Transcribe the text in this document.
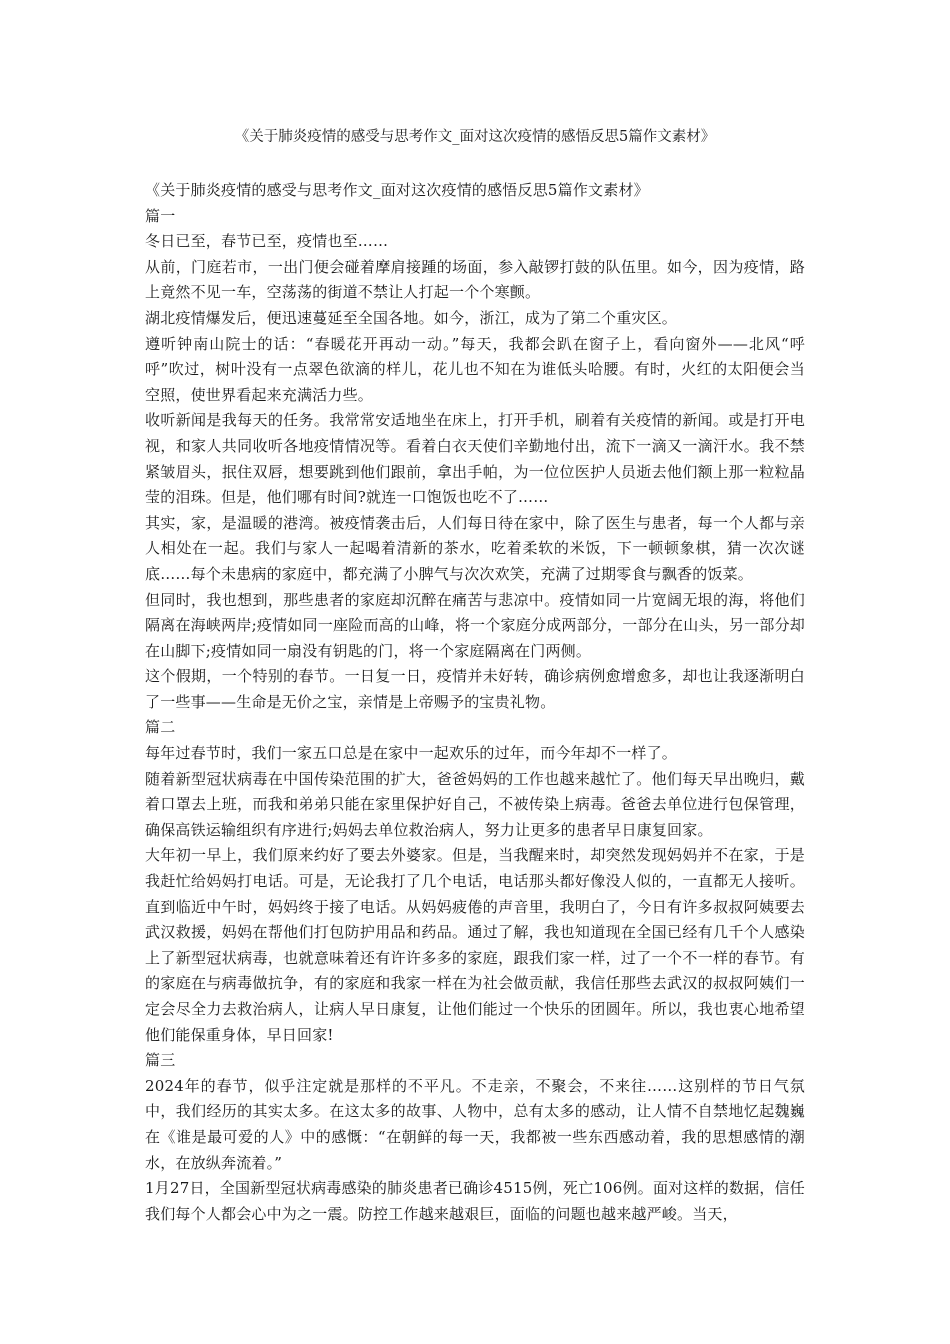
《关于肺炎疫情的感受与思考作文_面对这次疫情的感悟反思5篇作文素材》

《关于肺炎疫情的感受与思考作文_面对这次疫情的感悟反思5篇作文素材》

篇一

冬日已至，春节已至，疫情也至……

从前，门庭若市，一出门便会碰着摩肩接踵的场面，参入敲锣打鼓的队伍里。如今，因为疫情，路上竟然不见一车，空荡荡的街道不禁让人打起一个个寒颤。

湖北疫情爆发后，便迅速蔓延至全国各地。如今，浙江，成为了第二个重灾区。

遵听钟南山院士的话：“春暖花开再动一动。”每天，我都会趴在窗子上，看向窗外——北风“呼呼”吹过，树叶没有一点翠色欲滴的样儿，花儿也不知在为谁低头哈腰。有时，火红的太阳便会当空照，使世界看起来充满活力些。

收听新闻是我每天的任务。我常常安适地坐在床上，打开手机，刷着有关疫情的新闻。或是打开电视，和家人共同收听各地疫情情况等。看着白衣天使们辛勤地付出，流下一滴又一滴汗水。我不禁紧皱眉头，抿住双唇，想要跳到他们跟前，拿出手帕，为一位位医护人员逝去他们额上那一粒粒晶莹的泪珠。但是，他们哪有时间?就连一口饱饭也吃不了……

其实，家，是温暖的港湾。被疫情袭击后，人们每日待在家中，除了医生与患者，每一个人都与亲人相处在一起。我们与家人一起喝着清新的茶水，吃着柔软的米饭，下一顿顿象棋，猜一次次谜底……每个未患病的家庭中，都充满了小脾气与次次欢笑，充满了过期零食与飘香的饭菜。

但同时，我也想到，那些患者的家庭却沉醉在痛苦与悲凉中。疫情如同一片宽阔无垠的海，将他们隔离在海峡两岸;疫情如同一座险而高的山峰，将一个家庭分成两部分，一部分在山头，另一部分却在山脚下;疫情如同一扇没有钥匙的门，将一个家庭隔离在门两侧。

这个假期，一个特别的春节。一日复一日，疫情并未好转，确诊病例愈增愈多，却也让我逐渐明白了一些事——生命是无价之宝，亲情是上帝赐予的宝贵礼物。

篇二

每年过春节时，我们一家五口总是在家中一起欢乐的过年，而今年却不一样了。

随着新型冠状病毒在中国传染范围的扩大，爸爸妈妈的工作也越来越忙了。他们每天早出晚归，戴着口罩去上班，而我和弟弟只能在家里保护好自己，不被传染上病毒。爸爸去单位进行包保管理，确保高铁运输组织有序进行;妈妈去单位救治病人，努力让更多的患者早日康复回家。

大年初一早上，我们原来约好了要去外婆家。但是，当我醒来时，却突然发现妈妈并不在家，于是我赶忙给妈妈打电话。可是，无论我打了几个电话，电话那头都好像没人似的，一直都无人接听。直到临近中午时，妈妈终于接了电话。从妈妈疲倦的声音里，我明白了，今日有许多叔叔阿姨要去武汉救援，妈妈在帮他们打包防护用品和药品。通过了解，我也知道现在全国已经有几千个人感染上了新型冠状病毒，也就意味着还有许许多多的家庭，跟我们家一样，过了一个不一样的春节。有的家庭在与病毒做抗争，有的家庭和我家一样在为社会做贡献，我信任那些去武汉的叔叔阿姨们一定会尽全力去救治病人，让病人早日康复，让他们能过一个快乐的团圆年。所以，我也衷心地希望他们能保重身体，早日回家!

篇三

2024年的春节，似乎注定就是那样的不平凡。不走亲，不聚会，不来往……这别样的节日气氛中，我们经历的其实太多。在这太多的故事、人物中，总有太多的感动，让人情不自禁地忆起魏巍在《谁是最可爱的人》中的感慨：“在朝鲜的每一天，我都被一些东西感动着，我的思想感情的潮水，在放纵奔流着。”

1月27日，全国新型冠状病毒感染的肺炎患者已确诊4515例，死亡106例。面对这样的数据，信任我们每个人都会心中为之一震。防控工作越来越艰巨，面临的问题也越来越严峻。当天，
